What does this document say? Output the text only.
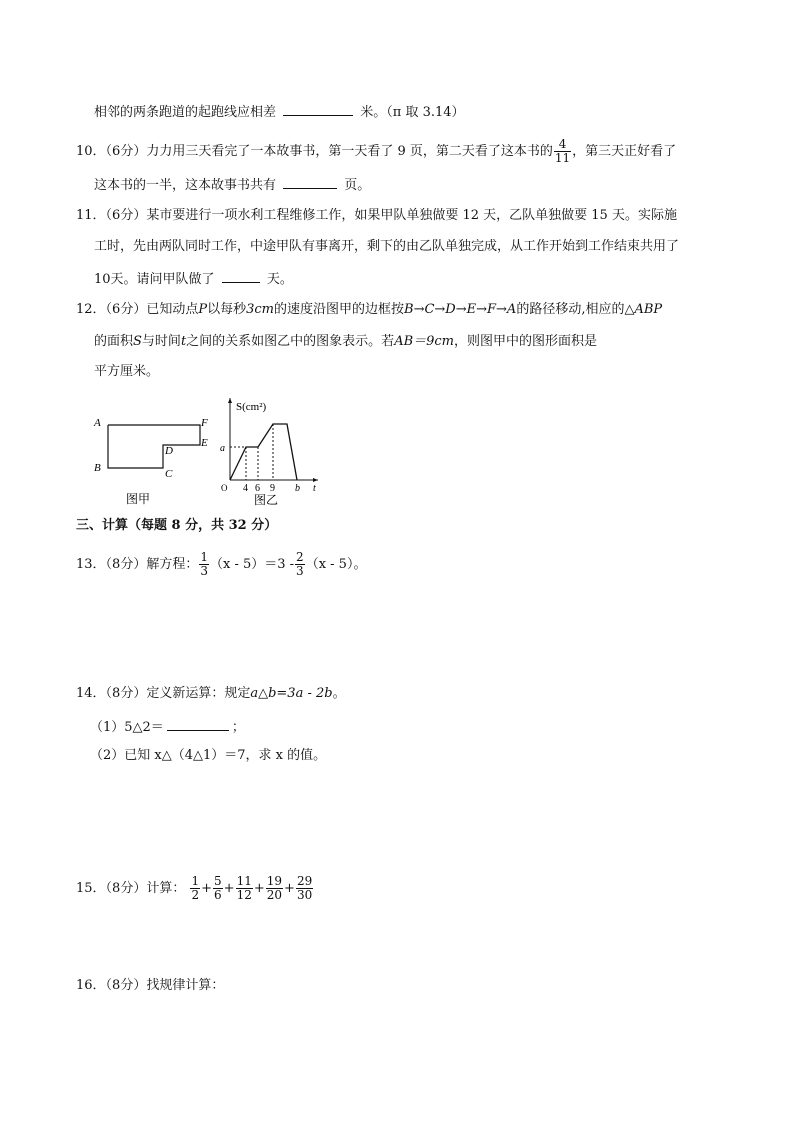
相邻的两条跑道的起跑线应相差	米。（π 取 3.14）
10．（6分）力力用三天看完了一本故事书，第一天看了 9 页，第二天看了这本书的 $\frac{4}{11}$ ，第三天正好看了
这本书的一半，这本故事书共有	页。
11．（6分）某市要进行一项水利工程维修工作，如果甲队单独做要 12 天，乙队单独做要 15 天。实际施
工时，先由两队同时工作，中途甲队有事离开，剩下的由乙队单独完成，从工作开始到工作结束共用了
10天。请问甲队做了	天。
12．（6分）已知动点P以每秒3cm的速度沿图甲的边框按B→C→D→E→F→A的路径移动,相应的△ABP
的面积S与时间t之间的关系如图乙中的图象表示。若AB＝9cm，则图甲中的图形面积是
平方厘米。
A
B	C
D
E
F
图甲
S(cm²)
a
O 4 6 9 b t
图乙
三、计算（每题 8 分，共 32 分）
13．（8分）解方程： $\frac{1}{3} (x - 5)=3 - \frac{2}{3} (x - 5)$。
14．（8分）定义新运算：规定a△b=3a - 2b。
（1）5△2＝	；
（2）已知 x△（4△1）＝7，求 x 的值。
15．（8分）计算： $\frac{1}{2} + \frac{5}{6} + \frac{11}{12} + \frac{19}{20} + \frac{29}{30}$
16．（8分）找规律计算：
